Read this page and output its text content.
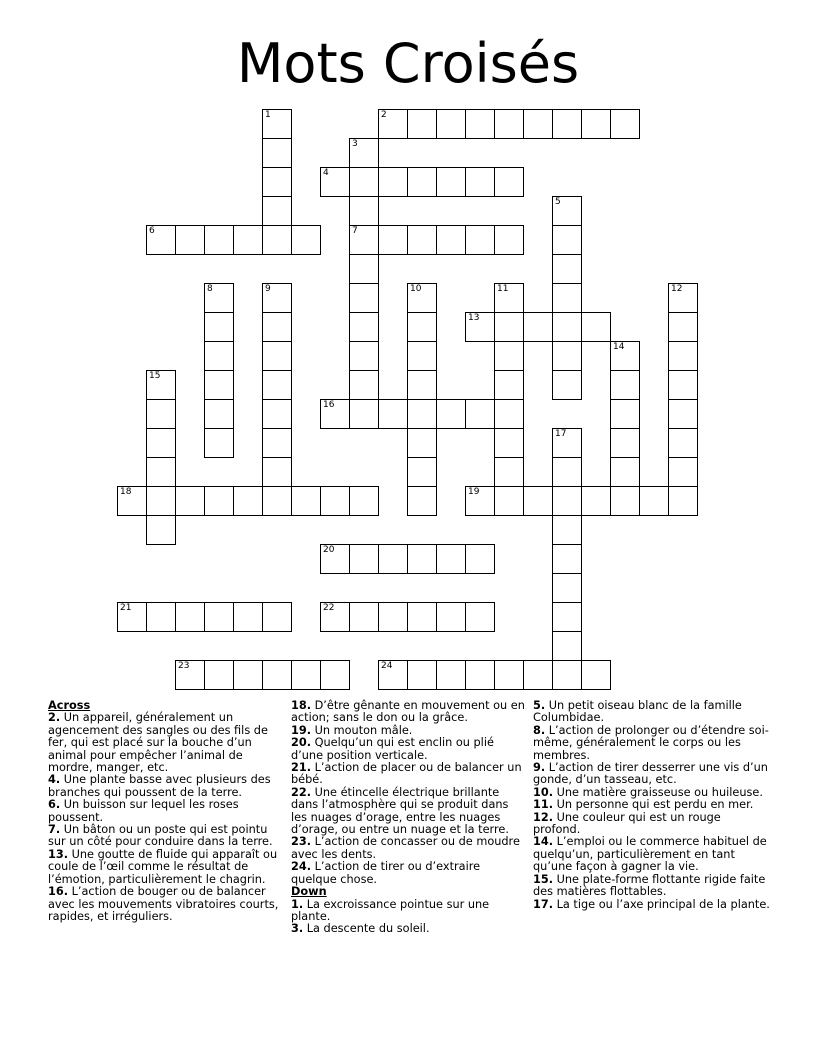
Mots Croisés
1	2
3
7
4
5
6
8	9	10	11	12
13
14
15
16
17
18	19
20
21	22
23	24
Across
2. Un appareil, généralement un agencement des sangles ou des fils de fer, qui est placé sur la bouche d’un animal pour empêcher l’animal de mordre, manger, etc.
4. Une plante basse avec plusieurs des branches qui poussent de la terre.
6. Un buisson sur lequel les roses poussent.
7. Un bâton ou un poste qui est pointu sur un côté pour conduire dans la terre.
13. Une goutte de fluide qui apparaît ou coule de l’œil comme le résultat de l’émotion, particulièrement le chagrin.
16. L’action de bouger ou de balancer avec les mouvements vibratoires courts, rapides, et irréguliers.
18. D’être gênante en mouvement ou en action; sans le don ou la grâce.
19. Un mouton mâle.
20. Quelqu’un qui est enclin ou plié d’une position verticale.
21. L’action de placer ou de balancer un bébé.
22. Une étincelle électrique brillante dans l’atmosphère qui se produit dans les nuages d’orage, entre les nuages d’orage, ou entre un nuage et la terre.
23. L’action de concasser ou de moudre avec les dents.
24. L’action de tirer ou d’extraire quelque chose.
Down
1. La excroissance pointue sur une plante.
3. La descente du soleil.
5. Un petit oiseau blanc de la famille Columbidae.
8. L’action de prolonger ou d’étendre soi-même, généralement le corps ou les membres.
9. L’action de tirer desserrer une vis d’un gonde, d’un tasseau, etc.
10. Une matière graisseuse ou huileuse.
11. Un personne qui est perdu en mer.
12. Une couleur qui est un rouge profond.
14. L’emploi ou le commerce habituel de quelqu’un, particulièrement en tant qu’une façon à gagner la vie.
15. Une plate-forme flottante rigide faite des matières flottables.
17. La tige ou l’axe principal de la plante.
